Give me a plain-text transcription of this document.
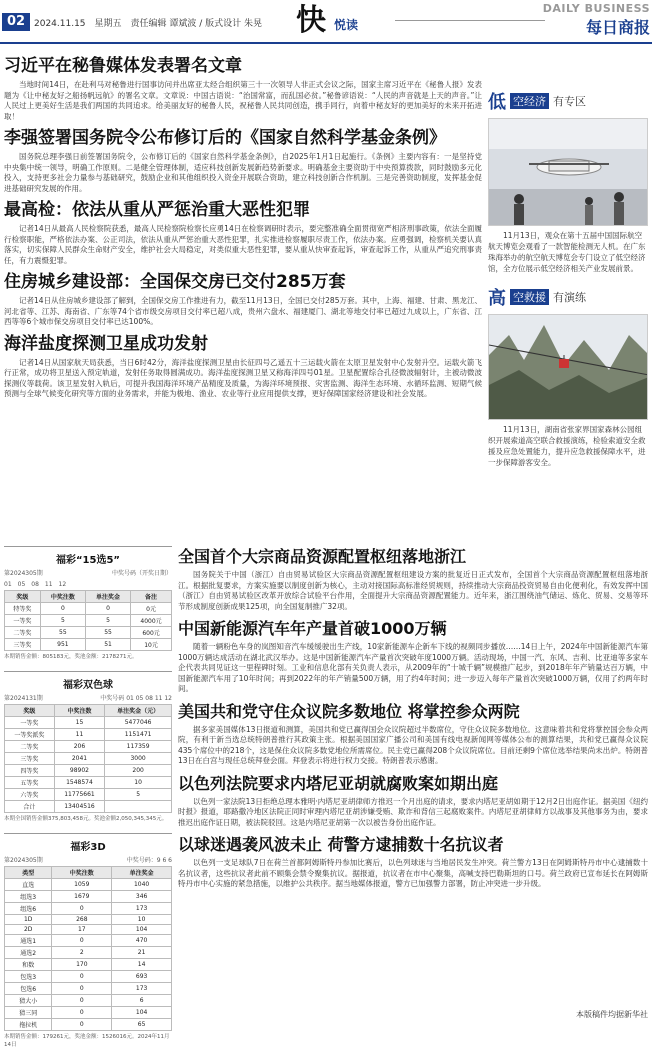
02 2024.11.15　星期五　责任编辑 谭斌波 / 版式设计 朱晃 快 悦读
DAILY BUSINESS
每日商报
习近平在秘鲁媒体发表署名文章

当地时间14日，在赴利马对秘鲁进行国事访问并出席亚太经合组织第三十一次领导人非正式会议之际，国家主席习近平在《秘鲁人报》发表题为《让中秘友好之船扬帆远航》的署名文章。文章说：中国古语说：“治国常富，而乱国必贫。”秘鲁谚语说：“人民的声音就是上天的声音。”让人民过上更美好生活是我们两国的共同追求。给美丽友好的秘鲁人民，祝秘鲁人民共同创造，携手同行，向着中秘友好的更加美好的未来开拓进取！

李强签署国务院令公布修订后的《国家自然科学基金条例》

国务院总理李强日前签署国务院令，公布修订后的《国家自然科学基金条例》，自2025年1月1日起施行。《条例》主要内容有：一是坚持党中央集中统一领导，明确工作原则。二是健全管理体制，适应科技创新发展新趋势新要求。明确基金主要资助于中央预算拨款，同时鼓励多元化投入，支持更多社会力量参与基础研究，鼓励企业和其他组织投入资金开展联合资助，建立科技创新合作机制。三是完善资助制度，发挥基金促进基础研究发展的作用。

最高检：依法从重从严惩治重大恶性犯罪

记者14日从最高人民检察院获悉，最高人民检察院检察长应勇14日在检察调研时表示，要完整准确全面贯彻宽严相济刑事政策，依法全面履行检察职能，严格依法办案、公正司法，依法从重从严惩治重大恶性犯罪，扎实推进检察履职尽责工作，依法办案。应勇强调，检察机关要认真落实，切实保障人民群众生命财产安全，维护社会大局稳定，对类似重大恶性犯罪，要从重从快审查起诉，审查起诉工作，从重从严追究刑事责任，有力震慑犯罪。

住房城乡建设部：全国保交房已交付285万套

记者14日从住房城乡建设部了解到，全国保交房工作推进有力，截至11月13日，全国已交付285万套。其中，上海、福建、甘肃、黑龙江、河北省等、江苏、海南省、广东等74个省市级交房项目交付率已超八成，贵州六盘水、福建厦门、湖北等地交付率已超过九成以上，广东省、江西等等6个城市保交房项目交付率已达100%。

海洋盐度探测卫星成功发射

记者14日从国家航天局获悉，当日6时42分，海洋盐度探测卫星由长征四号乙遥五十三运载火箭在太原卫星发射中心发射升空。运载火箭飞行正常，成功将卫星送入预定轨道，发射任务取得圆满成功。海洋盐度探测卫星又称海洋四号01星。卫星配置综合孔径微波辐射计，主被动微波探测仪等载荷。该卫星发射入轨后，可提升我国海洋环境产品精度及质量，为海洋环境预报、灾害监测、海洋生态环境、水循环监测、短期气候预测与全球气候变化研究等方面的业务需求，并能为极地、渔业、农业等行业应用提供支撑，更好保障国家经济建设和社会发展。

低 空经济 有专区
11月13日，观众在第十五届中国国际航空航天博览会观看了一款智能检测无人机。在广东珠海举办的航空航天博览会专门设立了低空经济馆，全方位展示低空经济相关产业发展前景。
高 空救援 有演练
11月13日，湖南省张家界国家森林公园组织开展索道高空联合救援演练，检验索道安全救援及应急处置能力，提升应急救援保障水平，进一步保障游客安全。
福彩“15选5”
第2024305期	中奖号码（开奖日期）
01　05　08　11　12
奖级	中奖注数	单注奖金	备注
特等奖	0	0	0元
一等奖	5	5	4000元
二等奖	55	55	600元
三等奖	951	51	10元
本期销售金额：805183元，奖池金额：2178271元。
福彩双色球
第2024131期	中奖号码 01 05 08 11 12
奖级	中奖注数	单注奖金（元）
一等奖	15	5477046
一等奖派奖	11	1151471
二等奖	206	117359
三等奖	2041	3000
四等奖	98902	200
五等奖	1548574	10
六等奖	11775661	5
合计	13404516	
本期全国销售金额375,803,458元。奖池金额2,050,345,345元。
福彩3D
第2024305期	中奖号码：9 6 6
类型	中奖注数	单注奖金
直选	1059	1040
组选3	1679	346
组选6	0	173
1D	268	10
2D	17	104
通选1	0	470
通选2	2	21
和数	170	14
包选3	0	693
包选6	0	173
猜大小	0	6
猜三同	0	104
拖拉机	0	65
本期销售金额：179261元，奖池金额：1526016元。2024年11月14日
全国首个大宗商品资源配置枢纽落地浙江

国务院关于中国（浙江）自由贸易试验区大宗商品资源配置枢纽建设方案的批复近日正式发布，全国首个大宗商品资源配置枢纽落地浙江。根据批复要求，方案实施要以制度创新为核心，主动对接国际高标准经贸规则，持续推动大宗商品投资贸易自由化便利化，有效发挥中国（浙江）自由贸易试验区改革开放综合试验平台作用，全面提升大宗商品资源配置能力。近年来，浙江围绕油气储运、炼化、贸易、交易等环节形成制度创新成果125项，向全国复制推广32项。

中国新能源汽车年产量首破1000万辆

随着一辆粉色车身的岚图知音汽车缓缓驶出生产线，10家新能源车企新车下线的视频同步播放……14日上午，2024年中国新能源汽车第1000万辆达成活动在湖北武汉举办。这是中国新能源汽车产量首次突破年度1000万辆。活动现场，中国一汽、东风、吉利、比亚迪等多家车企代表共同见证这一里程碑时刻。工业和信息化部有关负责人表示，从2009年的“十城千辆”规模推广起步，到2018年年产销量达百万辆，中国新能源汽车用了10年时间；再到2022年的年产销量500万辆，用了约4年时间；进一步迈入每年产量首次突破1000万辆，仅用了约两年时间。

美国共和党守住众议院多数地位 将掌控参众两院

据多家美国媒体13日报道和测算，美国共和党已赢得国会众议院超过半数席位，守住众议院多数地位。这意味着共和党将掌控国会参众两院，有利于新当选总统特朗普推行其政策主张。根据美国国家广播公司和美国有线电视新闻网等媒体公布的测算结果，共和党已赢得众议院435个席位中的218个，这是保住众议院多数党地位所需席位。民主党已赢得208个众议院席位。目前还剩9个席位选举结果尚未出炉。特朗普13日在白宫与现任总统拜登会面。拜登表示将进行权力交接。特朗普表示感谢。

以色列法院要求内塔尼亚胡就腐败案如期出庭

以色列一家法院13日拒绝总理本雅明·内塔尼亚胡律师方推迟一个月出庭的请求，要求内塔尼亚胡如期于12月2日出庭作证。据美国《纽约时报》报道，耶路撒冷地区法院正同时审理内塔尼亚胡涉嫌受贿、欺诈和背信三起腐败案件。内塔尼亚胡律师方以战事及其他事务为由，要求推迟出庭作证日期，被法院驳回。这是内塔尼亚胡第一次以被告身份出庭作证。

以球迷遇袭风波未止 荷警方逮捕数十名抗议者

以色列一支足球队7日在荷兰首都阿姆斯特丹参加比赛后，以色列球迷与当地居民发生冲突。荷兰警方13日在阿姆斯特丹市中心逮捕数十名抗议者，这些抗议者此前不顾集会禁令聚集抗议。据报道，抗议者在市中心聚集，高喊支持巴勒斯坦的口号。荷兰政府已宣布延长在阿姆斯特丹市中心实施的紧急措施，以维护公共秩序。据当地媒体报道，警方已加强警力部署，防止冲突进一步升级。

本版稿件均据新华社
